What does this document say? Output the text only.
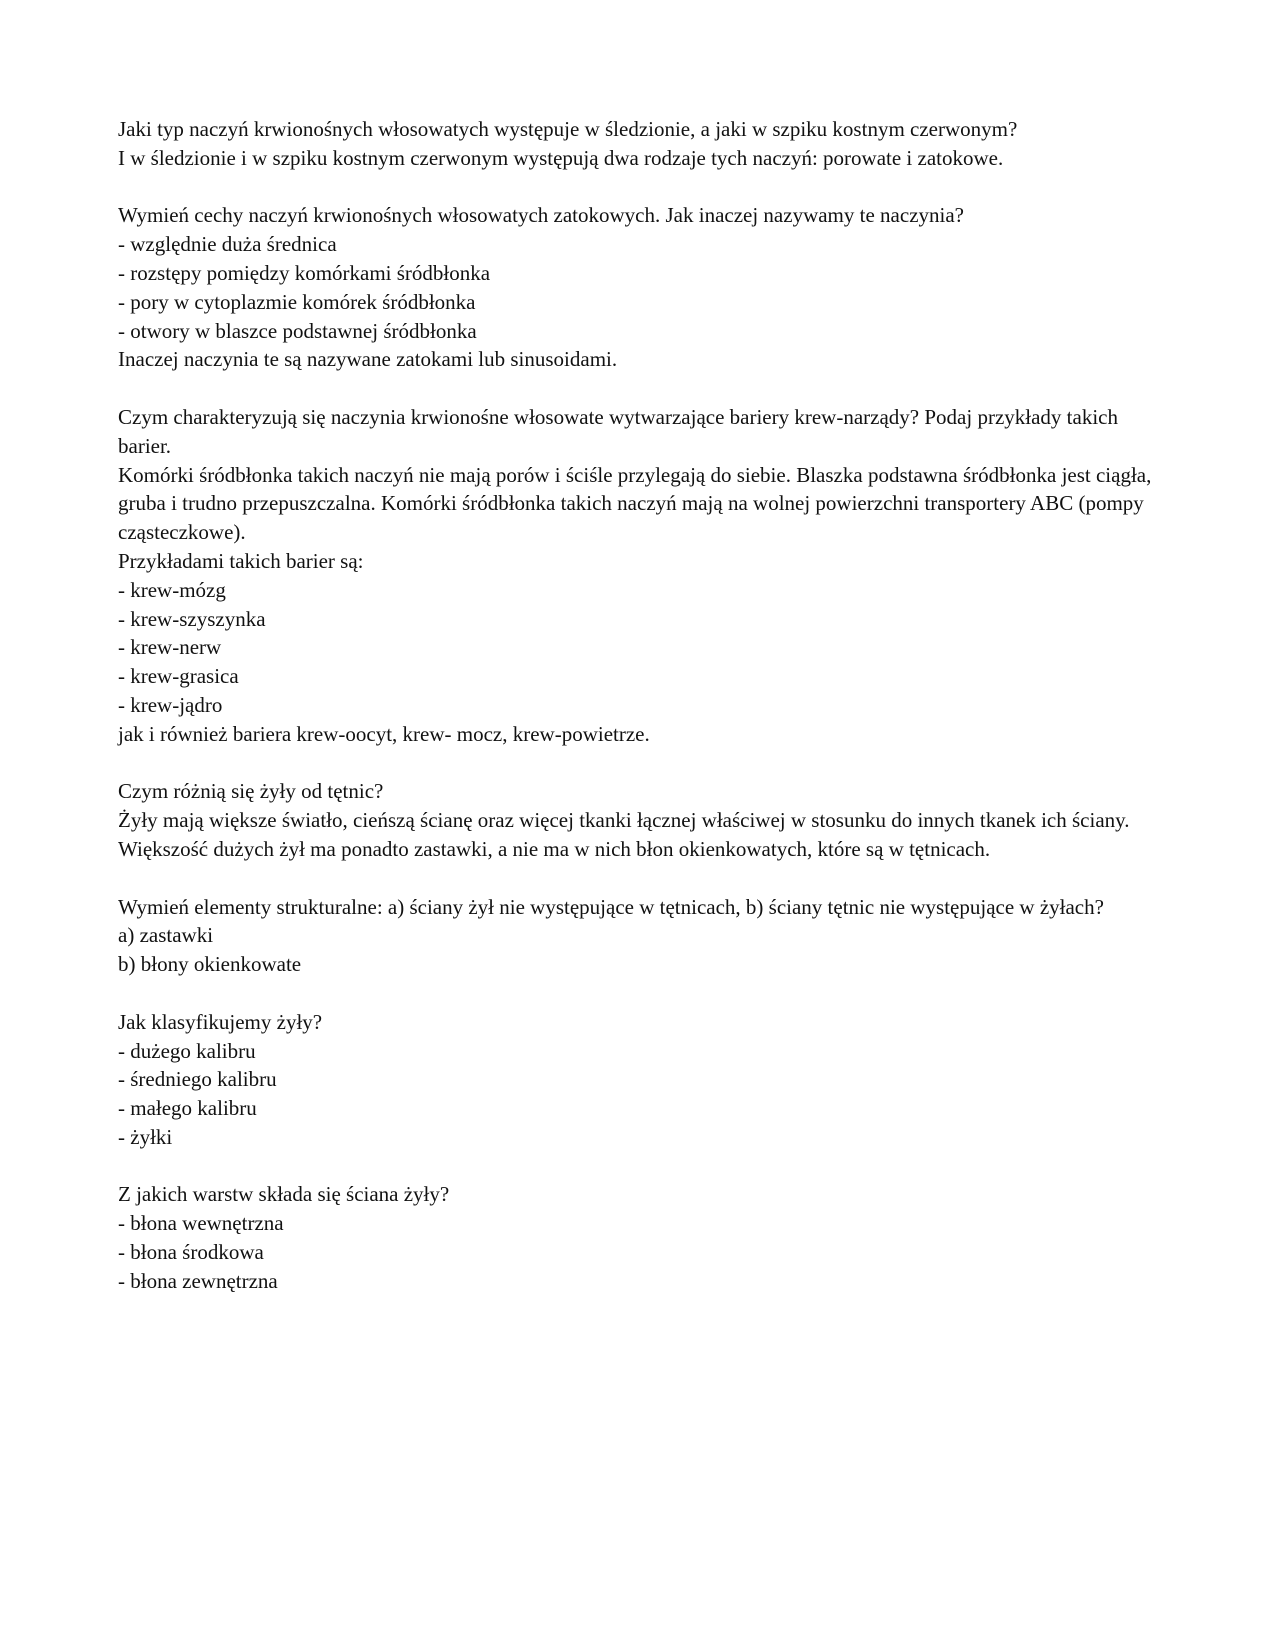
Jaki typ naczyń krwionośnych włosowatych występuje w śledzionie, a jaki w szpiku kostnym czerwonym?
I w śledzionie i w szpiku kostnym czerwonym występują dwa rodzaje tych naczyń: porowate i zatokowe.
Wymień cechy naczyń krwionośnych włosowatych zatokowych. Jak inaczej nazywamy te naczynia?
- względnie duża średnica
- rozstępy pomiędzy komórkami śródbłonka
- pory w cytoplazmie komórek śródbłonka
- otwory w blaszce podstawnej śródbłonka
Inaczej naczynia te są nazywane zatokami lub sinusoidami.
Czym charakteryzują się naczynia krwionośne włosowate wytwarzające bariery krew-narządy? Podaj przykłady takich barier.
Komórki śródbłonka takich naczyń nie mają porów i ściśle przylegają do siebie. Blaszka podstawna śródbłonka jest ciągła, gruba i trudno przepuszczalna. Komórki śródbłonka takich naczyń mają na wolnej powierzchni transportery ABC (pompy cząsteczkowe).
Przykładami takich barier są:
- krew-mózg
- krew-szyszynka
- krew-nerw
- krew-grasica
- krew-jądro
jak i również bariera krew-oocyt, krew- mocz, krew-powietrze.
Czym różnią się żyły od tętnic?
Żyły mają większe światło, cieńszą ścianę oraz więcej tkanki łącznej właściwej w stosunku do innych tkanek ich ściany. Większość dużych żył ma ponadto zastawki, a nie ma w nich błon okienkowatych, które są w tętnicach.
Wymień elementy strukturalne: a) ściany żył nie występujące w tętnicach, b) ściany tętnic nie występujące w żyłach?
a) zastawki
b) błony okienkowate
Jak klasyfikujemy żyły?
- dużego kalibru
- średniego kalibru
- małego kalibru
- żyłki
Z jakich warstw składa się ściana żyły?
- błona wewnętrzna
- błona środkowa
- błona zewnętrzna
